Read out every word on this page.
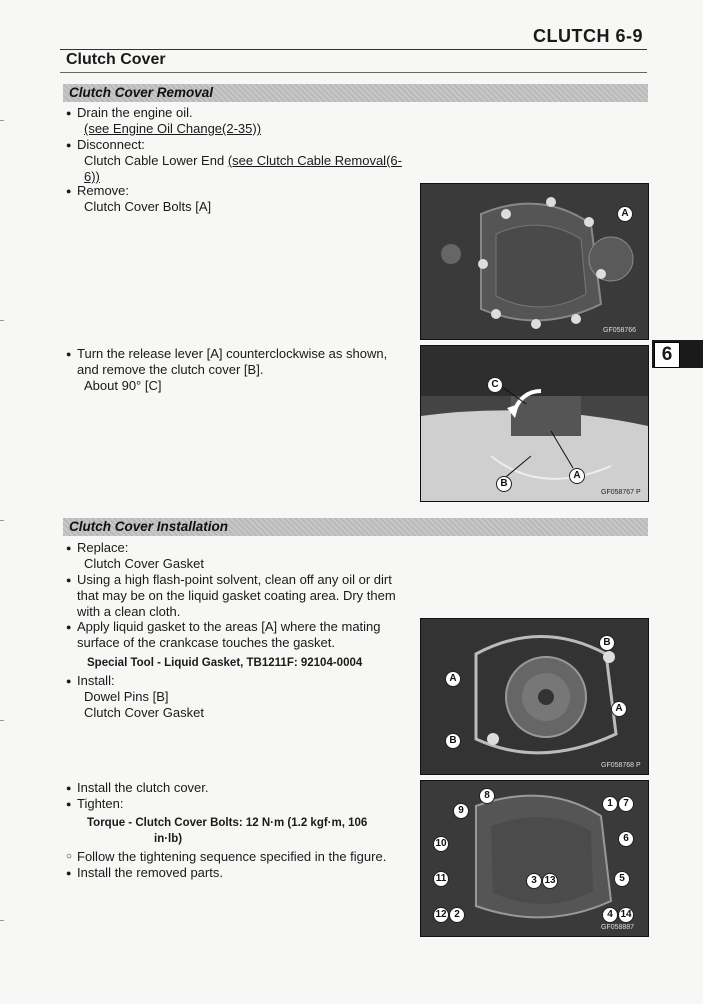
CLUTCH 6-9
Clutch Cover
6
Clutch Cover Removal
● Drain the engine oil.
(see Engine Oil Change(2-35))
● Disconnect:
Clutch Cable Lower End (see Clutch Cable Removal(6-
6))
● Remove:
Clutch Cover Bolts [A]
● Turn the release lever [A] counterclockwise as shown,
and remove the clutch cover [B].
About 90° [C]
A
GF058766
C
A
B
GF058767 P
Clutch Cover Installation
● Replace:
Clutch Cover Gasket
● Using a high flash-point solvent, clean off any oil or dirt
that may be on the liquid gasket coating area. Dry them
with a clean cloth.
● Apply liquid gasket to the areas [A] where the mating
surface of the crankcase touches the gasket.
Special Tool - Liquid Gasket, TB1211F: 92104-0004
● Install:
Dowel Pins [B]
Clutch Cover Gasket
● Install the clutch cover.
● Tighten:
Torque - Clutch Cover Bolts: 12 N·m (1.2 kgf·m, 106
in·lb)
○ Follow the tightening sequence specified in the figure.
● Install the removed parts.
B
A
A
B
GF058768 P
8
9
7
1
10	6
11	3 13	5
12 2	4 14
GF058887
